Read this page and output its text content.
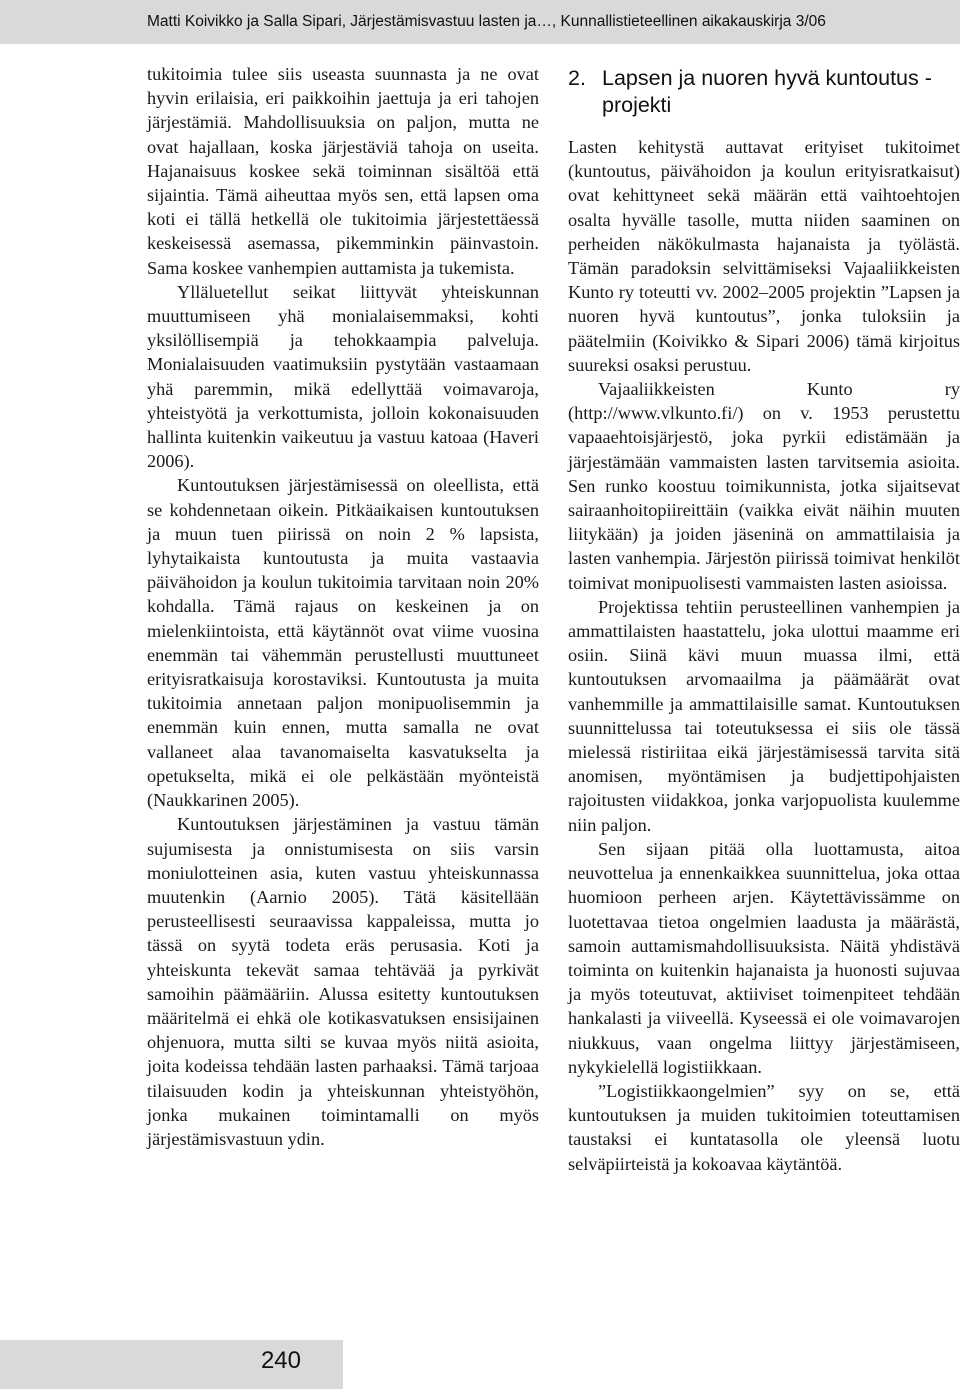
Matti Koivikko ja Salla Sipari, Järjestämisvastuu lasten ja…, Kunnallistieteellinen aikakauskirja 3/06

tukitoimia tulee siis useasta suunnasta ja ne ovat hyvin erilaisia, eri paikkoihin jaettuja ja eri tahojen järjestämiä. Mahdollisuuksia on paljon, mutta ne ovat hajallaan, koska järjestäviä tahoja on useita. Hajanaisuus koskee sekä toiminnan sisältöä että sijaintia. Tämä aiheuttaa myös sen, että lapsen oma koti ei tällä hetkellä ole tukitoimia järjestettäessä keskeisessä asemassa, pikemminkin päinvastoin. Sama koskee vanhempien auttamista ja tukemista.

Ylläluetellut seikat liittyvät yhteiskunnan muuttumiseen yhä monialaisemmaksi, kohti yksilöllisempiä ja tehokkaampia palveluja. Monialaisuuden vaatimuksiin pystytään vastaamaan yhä paremmin, mikä edellyttää voimavaroja, yhteistyötä ja verkottumista, jolloin kokonaisuuden hallinta kuitenkin vaikeutuu ja vastuu katoaa (Haveri 2006).

Kuntoutuksen järjestämisessä on oleellista, että se kohdennetaan oikein. Pitkäaikaisen kuntoutuksen ja muun tuen piirissä on noin 2 % lapsista, lyhytaikaista kuntoutusta ja muita vastaavia päivähoidon ja koulun tukitoimia tarvitaan noin 20% kohdalla. Tämä rajaus on keskeinen ja on mielenkiintoista, että käytännöt ovat viime vuosina enemmän tai vähemmän perustellusti muuttuneet erityisratkaisuja korostaviksi. Kuntoutusta ja muita tukitoimia annetaan paljon monipuolisemmin ja enemmän kuin ennen, mutta samalla ne ovat vallaneet alaa tavanomaiselta kasvatukselta ja opetukselta, mikä ei ole pelkästään myönteistä (Naukkarinen 2005).

Kuntoutuksen järjestäminen ja vastuu tämän sujumisesta ja onnistumisesta on siis varsin moniulotteinen asia, kuten vastuu yhteiskunnassa muutenkin (Aarnio 2005). Tätä käsitellään perusteellisesti seuraavissa kappaleissa, mutta jo tässä on syytä todeta eräs perusasia. Koti ja yhteiskunta tekevät samaa tehtävää ja pyrkivät samoihin päämääriin. Alussa esitetty kuntoutuksen määritelmä ei ehkä ole kotikasvatuksen ensisijainen ohjenuora, mutta silti se kuvaa myös niitä asioita, joita kodeissa tehdään lasten parhaaksi. Tämä tarjoaa tilaisuuden kodin ja yhteiskunnan yhteistyöhön, jonka mukainen toimintamalli on myös järjestämisvastuun ydin.

2. Lapsen ja nuoren hyvä kuntoutus -projekti

Lasten kehitystä auttavat erityiset tukitoimet (kuntoutus, päivähoidon ja koulun erityisratkaisut) ovat kehittyneet sekä määrän että vaihtoehtojen osalta hyvälle tasolle, mutta niiden saaminen on perheiden näkökulmasta hajanaista ja työlästä. Tämän paradoksin selvittämiseksi Vajaaliikkeisten Kunto ry toteutti vv. 2002–2005 projektin ”Lapsen ja nuoren hyvä kuntoutus”, jonka tuloksiin ja päätelmiin (Koivikko & Sipari 2006) tämä kirjoitus suureksi osaksi perustuu.

Vajaaliikkeisten Kunto ry (http://www.vlkunto.fi/) on v. 1953 perustettu vapaaehtoisjärjestö, joka pyrkii edistämään ja järjestämään vammaisten lasten tarvitsemia asioita. Sen runko koostuu toimikunnista, jotka sijaitsevat sairaanhoitopiireittäin (vaikka eivät näihin muuten liitykään) ja joiden jäseninä on ammattilaisia ja lasten vanhempia. Järjestön piirissä toimivat henkilöt toimivat monipuolisesti vammaisten lasten asioissa.

Projektissa tehtiin perusteellinen vanhempien ja ammattilaisten haastattelu, joka ulottui maamme eri osiin. Siinä kävi muun muassa ilmi, että kuntoutuksen arvomaailma ja päämäärät ovat vanhemmille ja ammattilaisille samat. Kuntoutuksen suunnittelussa tai toteutuksessa ei siis ole tässä mielessä ristiriitaa eikä järjestämisessä tarvita sitä anomisen, myöntämisen ja budjettipohjaisten rajoitusten viidakkoa, jonka varjopuolista kuulemme niin paljon.

Sen sijaan pitää olla luottamusta, aitoa neuvottelua ja ennenkaikkea suunnittelua, joka ottaa huomioon perheen arjen. Käytettävissämme on luotettavaa tietoa ongelmien laadusta ja määrästä, samoin auttamismahdollisuuksista. Näitä yhdistävä toiminta on kuitenkin hajanaista ja huonosti sujuvaa ja myös toteutuvat, aktiiviset toimenpiteet tehdään hankalasti ja viiveellä. Kyseessä ei ole voimavarojen niukkuus, vaan ongelma liittyy järjestämiseen, nykykielellä logistiikkaan.

”Logistiikkaongelmien” syy on se, että kuntoutuksen ja muiden tukitoimien toteuttamisen taustaksi ei kuntatasolla ole yleensä luotu selväpiirteistä ja kokoavaa käytäntöä.

240
